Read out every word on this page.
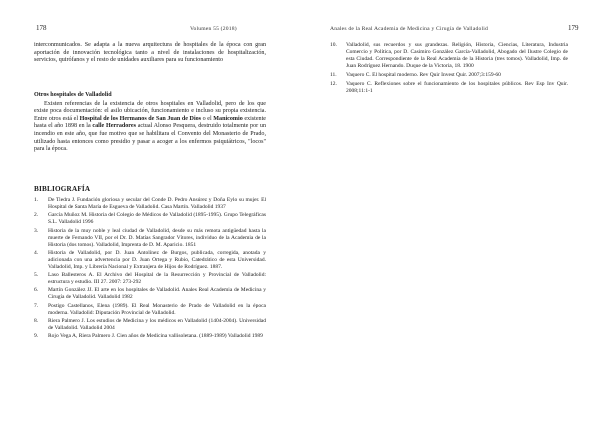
178	Volumen 55 (2018)

interconmunicados. Se adapta a la nueva arquitectura de hospitales de la época con gran aportación de innovación tecnológica tanto a nivel de instalaciones de hospitalización, servicios, quirófanos y el resto de unidades auxiliares para su funcionamiento

Otros hospitales de Valladolid

Existen referencias de la existencia de otros hospitales en Valladolid, pero de los que existe poca documentación: el asilo ubicación, funcionamiento e incluso su propia existencia. Entre otros está el Hospital de los Hermanos de San Juan de Dios o el Manicomio existente hasta el año 1898 en la calle Herradores actual Alonso Pesquera, destruido totalmente por un incendio en este año, que fue motivo que se habilitara el Convento del Monasterio de Prado, utilizado hasta entonces como presidio y pasar a acoger a los enfermos psiquiátricos, "locos" para la época.

BIBLIOGRAFÍA
1. De Tiedra J. Fundación gloriosa y secular del Conde D. Pedro Ansúrez y Doña Eylo su mujer. El Hospital de Santa María de Esgueva de Valladolid. Casa Martín. Valladolid 1937
2. García Muñoz M. Historia del Colegio de Médicos de Valladolid (1895-1995). Grupo Telegráficas S.L. Valladolid 1996
3. Historia de la muy noble y leal ciudad de Valladolid, desde su más remota antigüedad hasta la muerte de Fernando VII, por el Dr. D. Matías Sangrador Vítores, individuo de la Academia de la Historia (dos tomos). Valladolid, Imprenta de D. M. Aparicio. 1851
4. Historia de Valladolid, por D. Juan Antolínez de Burgos, publicada, corregida, anotada y adicionada con una advertencia por D. Juan Ortega y Rubio, Catedrático de esta Universidad. Valladolid, Imp. y Librería Nacional y Extranjera de Hijos de Rodríguez. 1887.
5. Laso Ballesteros A. El Archivo del Hospital de la Resurrección y Provincial de Valladolid: estructura y estudio. III 27. 2007: 273-292
6. Martín González JJ. El arte en los hospitales de Valladolid. Anales Real Academia de Medicina y Cirugía de Valladolid. Valladolid 1982
7. Postigo Castellanos, Elena (1989). El Real Monasterio de Prado de Valladolid en la época moderna. Valladolid: Diputación Provincial de Valladolid.
8. Riera Palmero J. Los estudios de Medicina y los médicos en Valladolid (1404-2004). Universidad de Valladolid. Valladolid 2004
9. Rojo Vega A, Riera Palmero J. Cien años de Medicina vallisoletana. (1889-1989) Valladolid 1989
Anales de la Real Academia de Medicina y Cirugía de Valladolid	179
10. Valladolid, sus recuerdos y sus grandezas. Religión, Historia, Ciencias, Literatura, Industria Comercio y Política, por D. Casimiro González García-Valladolid, Abogado del Ilustre Colegio de esta Ciudad. Correspondiente de la Real Academia de la Historia (tres tomos). Valladolid, Imp. de Juan Rodríguez Hernando. Duque de la Victoria, 18. 1900
11. Vaquero C. El hospital moderno. Rev Quir Invest Quir. 2007;3:159-60
12. Vaquero C. Reflexiones sobre el funcionamiento de los hospitales públicos. Rev Esp Inv Quir. 2008;11:1-1
